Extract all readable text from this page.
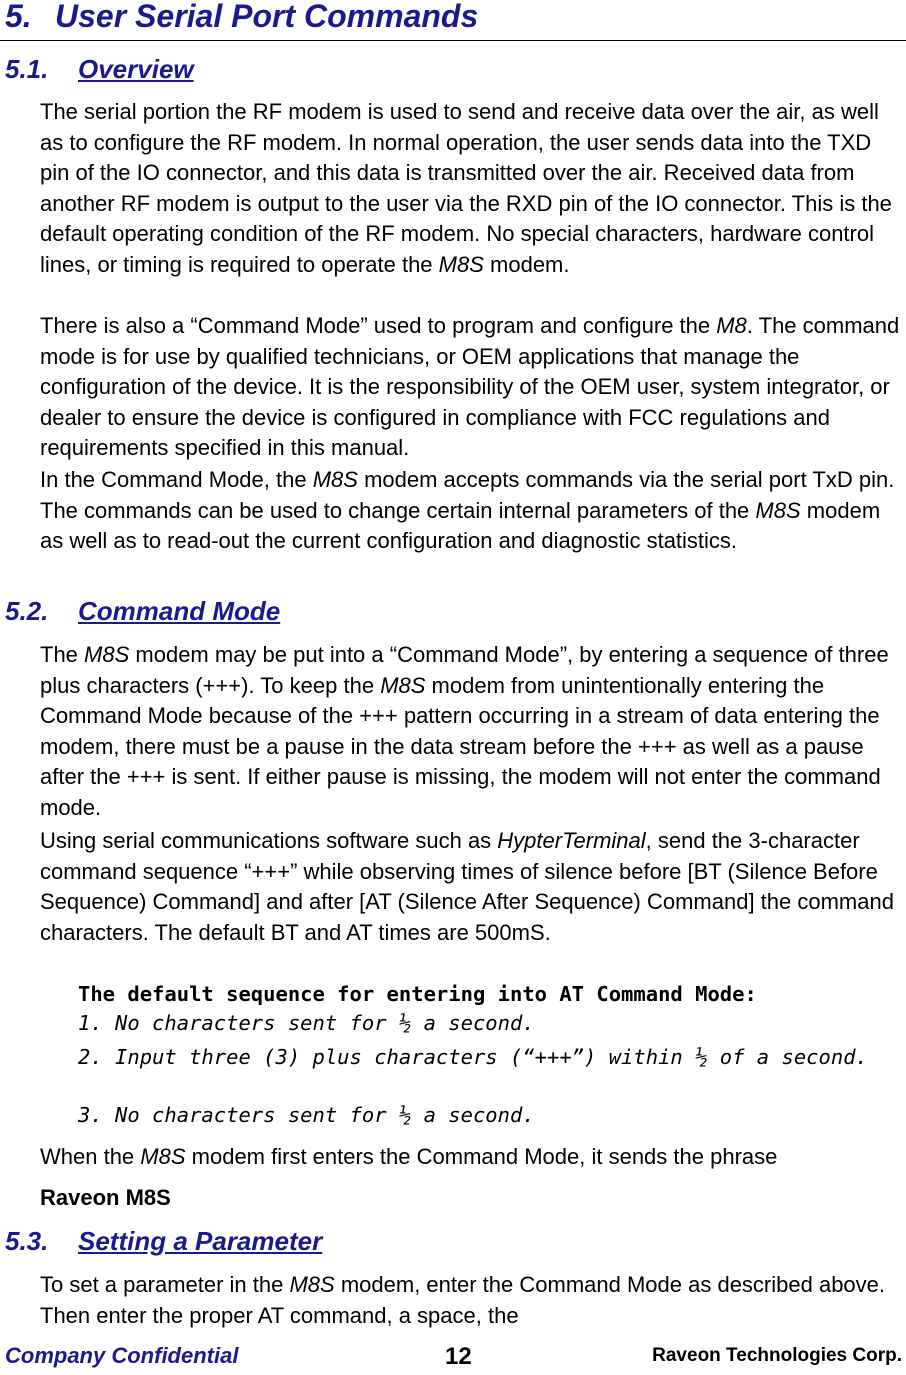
5. User Serial Port Commands
5.1. Overview
The serial portion the RF modem is used to send and receive data over the air, as well as to configure the RF modem. In normal operation, the user sends data into the TXD pin of the IO connector, and this data is transmitted over the air. Received data from another RF modem is output to the user via the RXD pin of the IO connector. This is the default operating condition of the RF modem. No special characters, hardware control lines, or timing is required to operate the M8S modem.
There is also a “Command Mode” used to program and configure the M8. The command mode is for use by qualified technicians, or OEM applications that manage the configuration of the device. It is the responsibility of the OEM user, system integrator, or dealer to ensure the device is configured in compliance with FCC regulations and requirements specified in this manual.
In the Command Mode, the M8S modem accepts commands via the serial port TxD pin. The commands can be used to change certain internal parameters of the M8S modem as well as to read-out the current configuration and diagnostic statistics.
5.2. Command Mode
The M8S modem may be put into a “Command Mode”, by entering a sequence of three plus characters (+++). To keep the M8S modem from unintentionally entering the Command Mode because of the +++ pattern occurring in a stream of data entering the modem, there must be a pause in the data stream before the +++ as well as a pause after the +++ is sent. If either pause is missing, the modem will not enter the command mode.
Using serial communications software such as HypterTerminal, send the 3-character command sequence “+++” while observing times of silence before [BT (Silence Before Sequence) Command] and after [AT (Silence After Sequence) Command] the command characters. The default BT and AT times are 500mS.
The default sequence for entering into AT Command Mode:
1. No characters sent for ½ a second.
2. Input three (3) plus characters (“+++”) within ½ of a second.
3. No characters sent for ½ a second.
When the M8S modem first enters the Command Mode, it sends the phrase
Raveon M8S
5.3. Setting a Parameter
To set a parameter in the M8S modem, enter the Command Mode as described above. Then enter the proper AT command, a space, the
Company Confidential	12	Raveon Technologies Corp.
